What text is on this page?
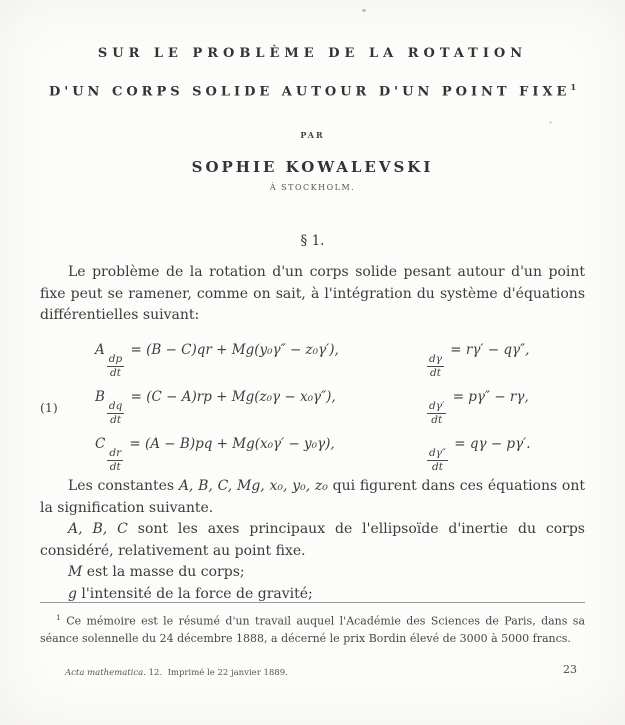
SUR LE PROBLÈME DE LA ROTATION
D'UN CORPS SOLIDE AUTOUR D'UN POINT FIXE$^1$
PAR
SOPHIE KOWALEVSKI
À STOCKHOLM.
§ 1.
Le problème de la rotation d'un corps solide pesant autour d'un point fixe peut se ramener, comme on sait, à l'intégration du système d'équations différentielles suivant:
A
$\frac{dp}{dt}$
= (B − C)qr + Mg(y₀γ″ − z₀γ′),
$\frac{d\gamma}{dt}$
= rγ′ − qγ″,
(1)
B
$\frac{dq}{dt}$
= (C − A)rp + Mg(z₀γ − x₀γ″),
$\frac{d\gamma'}{dt}$
= pγ″ − rγ,
C
$\frac{dr}{dt}$
= (A − B)pq + Mg(x₀γ′ − y₀γ),
$\frac{d\gamma''}{dt}$
= qγ − pγ′.

Les constantes A, B, C, Mg, x₀, y₀, z₀ qui figurent dans ces équations ont la signification suivante.

A, B, C sont les axes principaux de l'ellipsoïde d'inertie du corps considéré, relativement au point fixe.

M est la masse du corps;

g l'intensité de la force de gravité;

$^1$ Ce mémoire est le résumé d'un travail auquel l'Académie des Sciences de Paris, dans sa séance solennelle du 24 décembre 1888, a décerné le prix Bordin élevé de 3000 à 5000 francs.

Acta mathematica. 12. Imprimé le 22 janvier 1889.	23
